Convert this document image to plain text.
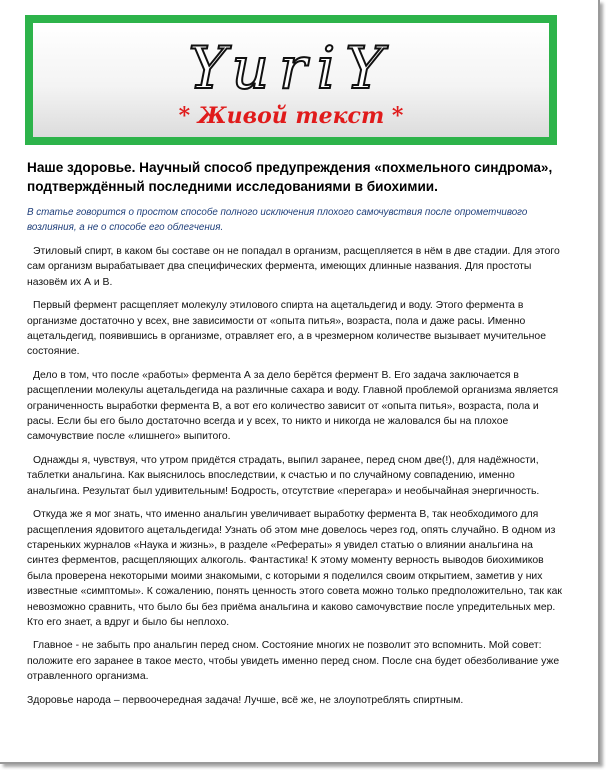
YuriY
* Живой текст *
Наше здоровье. Научный способ предупреждения «похмельного синдрома», подтверждённый последними исследованиями в биохимии.

В статье говорится о простом способе полного исключения плохого самочувствия после опрометчивого возлияния, а не о способе его облегчения.

Этиловый спирт, в каком бы составе он не попадал в организм, расщепляется в нём в две стадии. Для этого сам организм вырабатывает два специфических фермента, имеющих длинные названия. Для простоты назовём их А и В.

Первый фермент расщепляет молекулу этилового спирта на ацетальдегид и воду. Этого фермента в организме достаточно у всех, вне зависимости от «опыта питья», возраста, пола и даже расы. Именно ацетальдегид, появившись в организме, отравляет его, а в чрезмерном количестве вызывает мучительное состояние.

Дело в том, что после «работы» фермента А за дело берётся фермент В. Его задача заключается в расщеплении молекулы ацетальдегида на различные сахара и воду. Главной проблемой организма является ограниченность выработки фермента В, а вот его количество зависит от «опыта питья», возраста, пола и расы. Если бы его было достаточно всегда и у всех, то никто и никогда не жаловался бы на плохое самочувствие после «лишнего» выпитого.

Однажды я, чувствуя, что утром придётся страдать, выпил заранее, перед сном две(!), для надёжности, таблетки анальгина. Как выяснилось впоследствии, к счастью и по случайному совпадению, именно анальгина. Результат был удивительным! Бодрость, отсутствие «перегара» и необычайная энергичность.

Откуда же я мог знать, что именно анальгин увеличивает выработку фермента В, так необходимого для расщепления ядовитого ацетальдегида! Узнать об этом мне довелось через год, опять случайно. В одном из стареньких журналов «Наука и жизнь», в разделе «Рефераты» я увидел статью о влиянии анальгина на синтез ферментов, расщепляющих алкоголь. Фантастика! К этому моменту верность выводов биохимиков была проверена некоторыми моими знакомыми, с которыми я поделился своим открытием, заметив у них известные «симптомы». К сожалению, понять ценность этого совета можно только предположительно, так как невозможно сравнить, что было бы без приёма анальгина и каково самочувствие после упредительных мер. Кто его знает, а вдруг и было бы неплохо.

Главное - не забыть про анальгин перед сном. Состояние многих не позволит это вспомнить. Мой совет: положите его заранее в такое место, чтобы увидеть именно перед сном. После сна будет обезболивание уже отравленного организма.

Здоровье народа – первоочередная задача! Лучше, всё же, не злоупотреблять спиртным.
